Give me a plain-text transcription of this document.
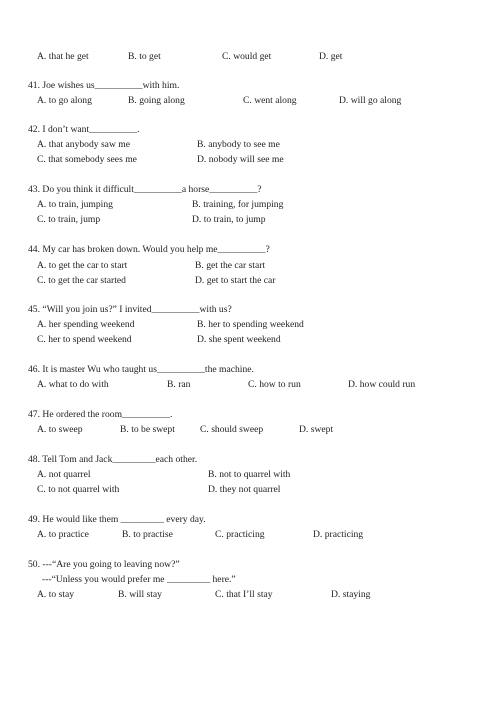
A. that he get	B. to get	C. would get	D. get
41. Joe wishes us__________with him.
A. to go along	B. going along	C. went along	D. will go along
42. I don’t want__________.
A. that anybody saw me	B. anybody to see me
C. that somebody sees me	D. nobody will see me
43. Do you think it difficult__________a horse__________?
A. to train, jumping	B. training, for jumping
C. to train, jump	D. to train, to jump
44. My car has broken down. Would you help me__________?
A. to get the car to start	B. get the car start
C. to get the car started	D. get to start the car
45. “Will you join us?” I invited__________with us?
A. her spending weekend	B. her to spending weekend
C. her to spend weekend	D. she spent weekend
46. It is master Wu who taught us__________the machine.
A. what to do with	B. ran	C. how to run	D. how could run
47. He ordered the room__________.
A. to sweep	B. to be swept	C. should sweep	D. swept
48. Tell Tom and Jack_________each other.
A. not quarrel	B. not to quarrel with
C. to not quarrel with	D. they not quarrel
49. He would like them _________ every day.
A. to practice	B. to practise	C. practicing	D. practicing
50. ---“Are you going to leaving now?”
---“Unless you would prefer me _________ here.”
A. to stay	B. will stay	C. that I’ll stay	D. staying
